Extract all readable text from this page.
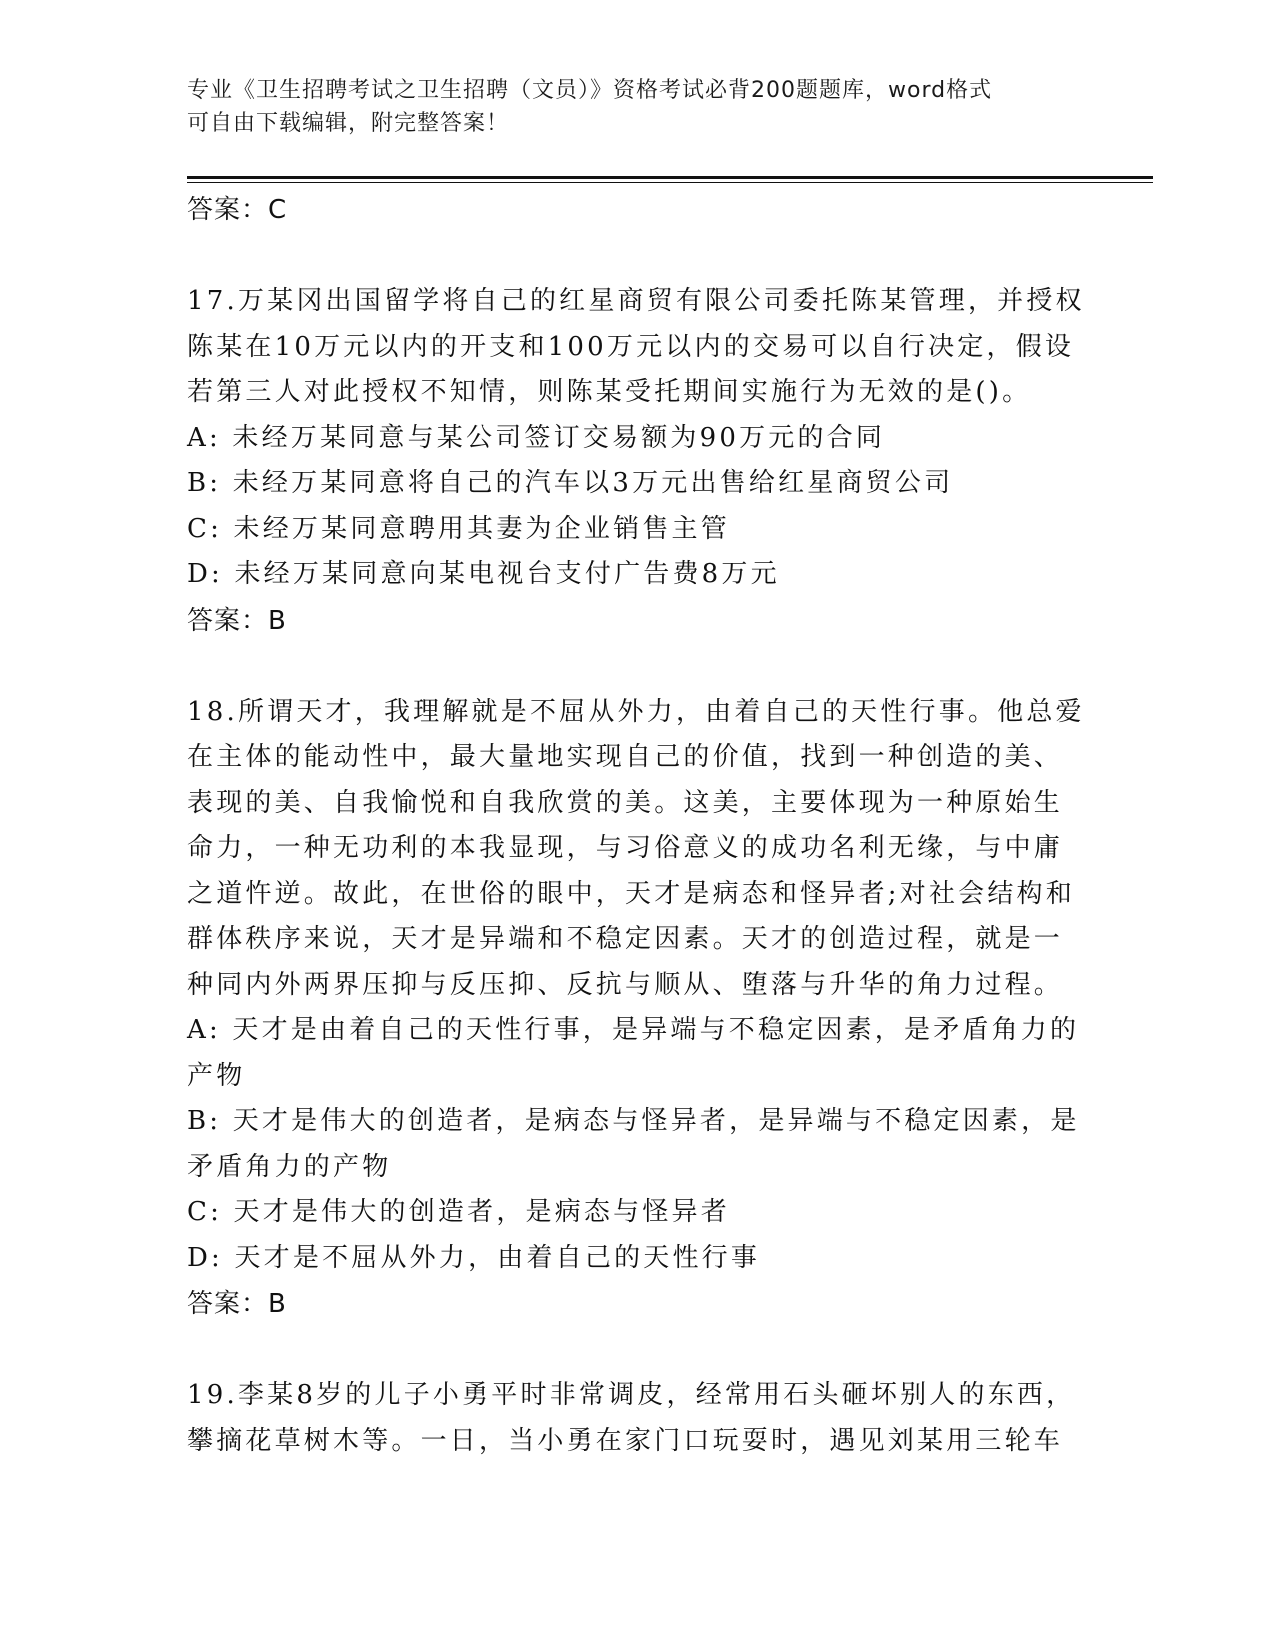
专业《卫生招聘考试之卫生招聘（文员）》资格考试必背200题题库，word格式
可自由下载编辑，附完整答案！
答案：C

17.万某冈出国留学将自己的红星商贸有限公司委托陈某管理，并授权陈某在10万元以内的开支和100万元以内的交易可以自行决定，假设若第三人对此授权不知情，则陈某受托期间实施行为无效的是()。

A: 未经万某同意与某公司签订交易额为90万元的合同

B: 未经万某同意将自己的汽车以3万元出售给红星商贸公司

C: 未经万某同意聘用其妻为企业销售主管

D: 未经万某同意向某电视台支付广告费8万元

答案：B

18.所谓天才，我理解就是不屈从外力，由着自己的天性行事。他总爱在主体的能动性中，最大量地实现自己的价值，找到一种创造的美、表现的美、自我愉悦和自我欣赏的美。这美，主要体现为一种原始生命力，一种无功利的本我显现，与习俗意义的成功名利无缘，与中庸之道忤逆。故此，在世俗的眼中，天才是病态和怪异者;对社会结构和群体秩序来说，天才是异端和不稳定因素。天才的创造过程，就是一种同内外两界压抑与反压抑、反抗与顺从、堕落与升华的角力过程。

A: 天才是由着自己的天性行事，是异端与不稳定因素，是矛盾角力的产物

B: 天才是伟大的创造者，是病态与怪异者，是异端与不稳定因素，是矛盾角力的产物

C: 天才是伟大的创造者，是病态与怪异者

D: 天才是不屈从外力，由着自己的天性行事

答案：B

19.李某8岁的儿子小勇平时非常调皮，经常用石头砸坏别人的东西，攀摘花草树木等。一日，当小勇在家门口玩耍时，遇见刘某用三轮车
